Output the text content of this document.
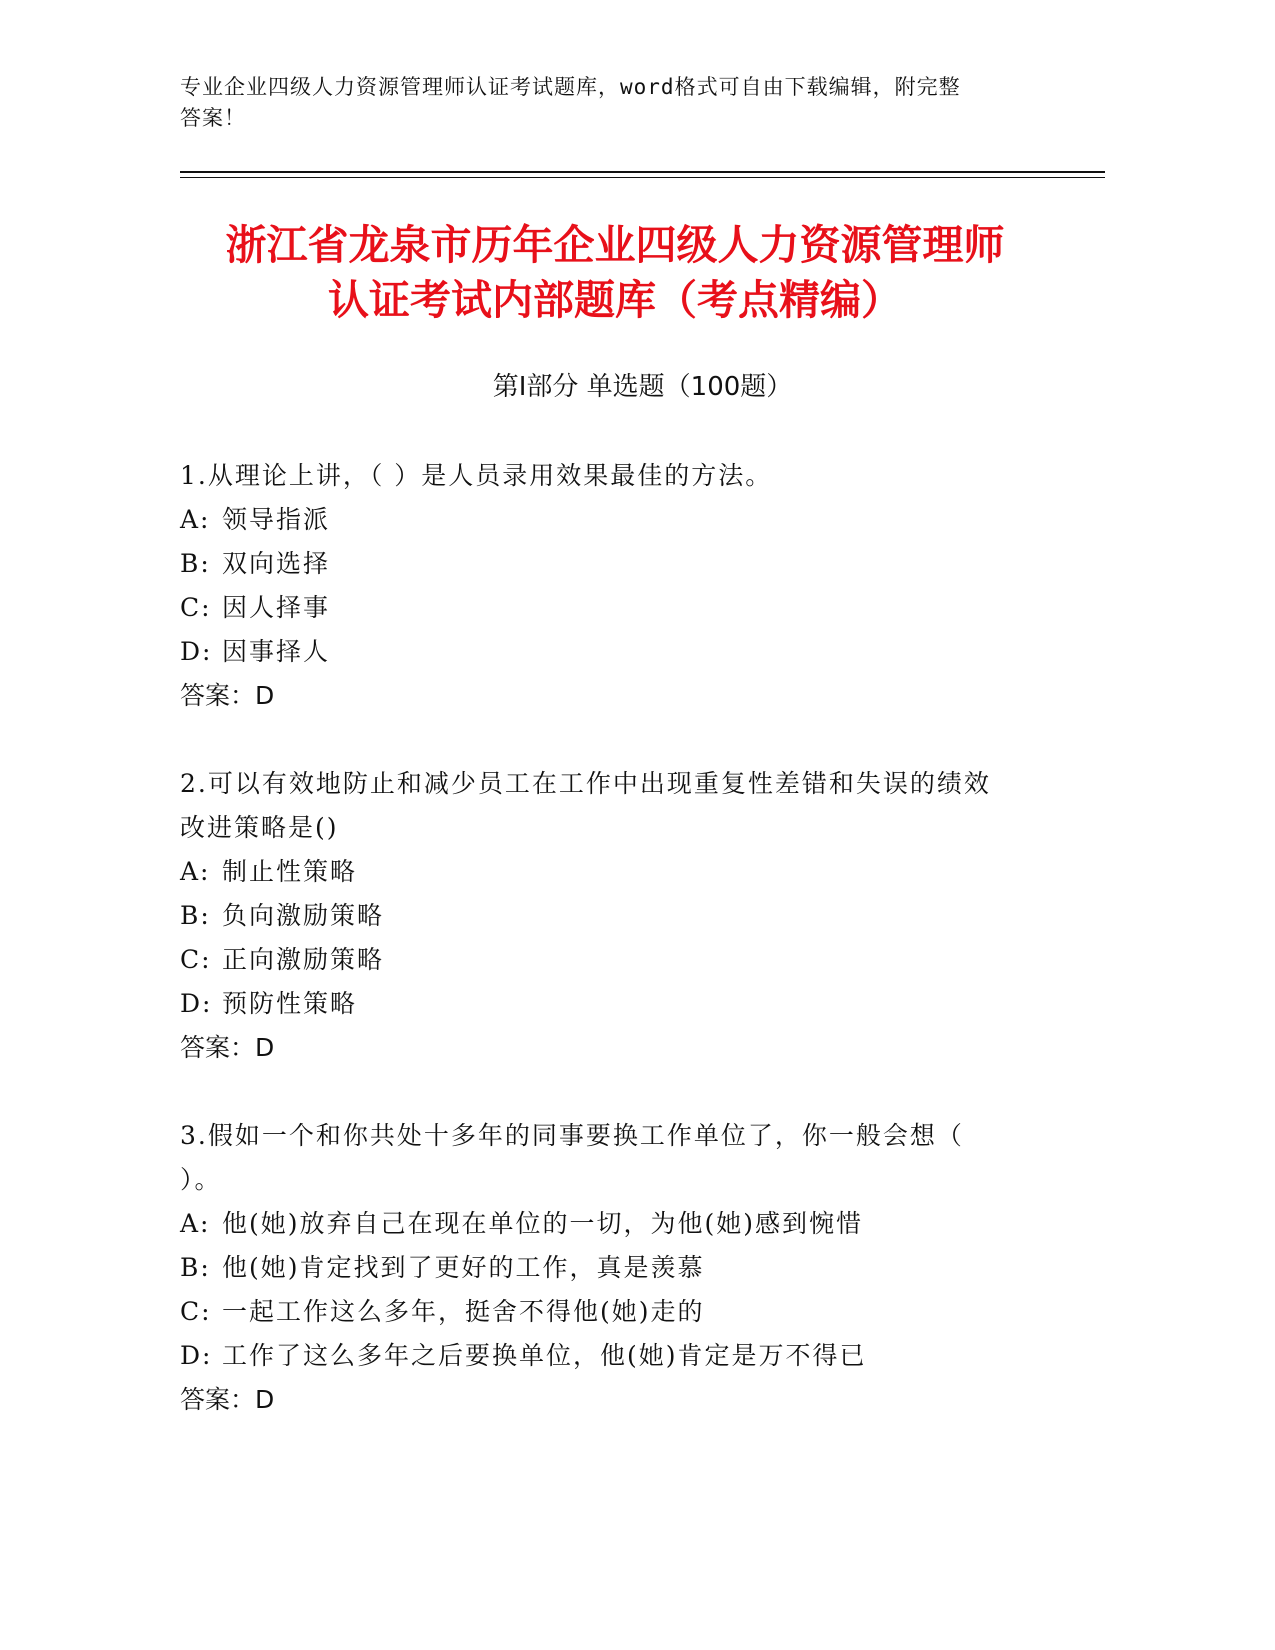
专业企业四级人力资源管理师认证考试题库，word格式可自由下载编辑，附完整
答案！
浙江省龙泉市历年企业四级人力资源管理师
认证考试内部题库（考点精编）
第Ⅰ部分 单选题（100题）
1.从理论上讲，（ ）是人员录用效果最佳的方法。
A: 领导指派
B: 双向选择
C: 因人择事
D: 因事择人
答案：D
2.可以有效地防止和减少员工在工作中出现重复性差错和失误的绩效
改进策略是()
A: 制止性策略
B: 负向激励策略
C: 正向激励策略
D: 预防性策略
答案：D
3.假如一个和你共处十多年的同事要换工作单位了，你一般会想（
）。
A: 他(她)放弃自己在现在单位的一切，为他(她)感到惋惜
B: 他(她)肯定找到了更好的工作，真是羡慕
C: 一起工作这么多年，挺舍不得他(她)走的
D: 工作了这么多年之后要换单位，他(她)肯定是万不得已
答案：D
